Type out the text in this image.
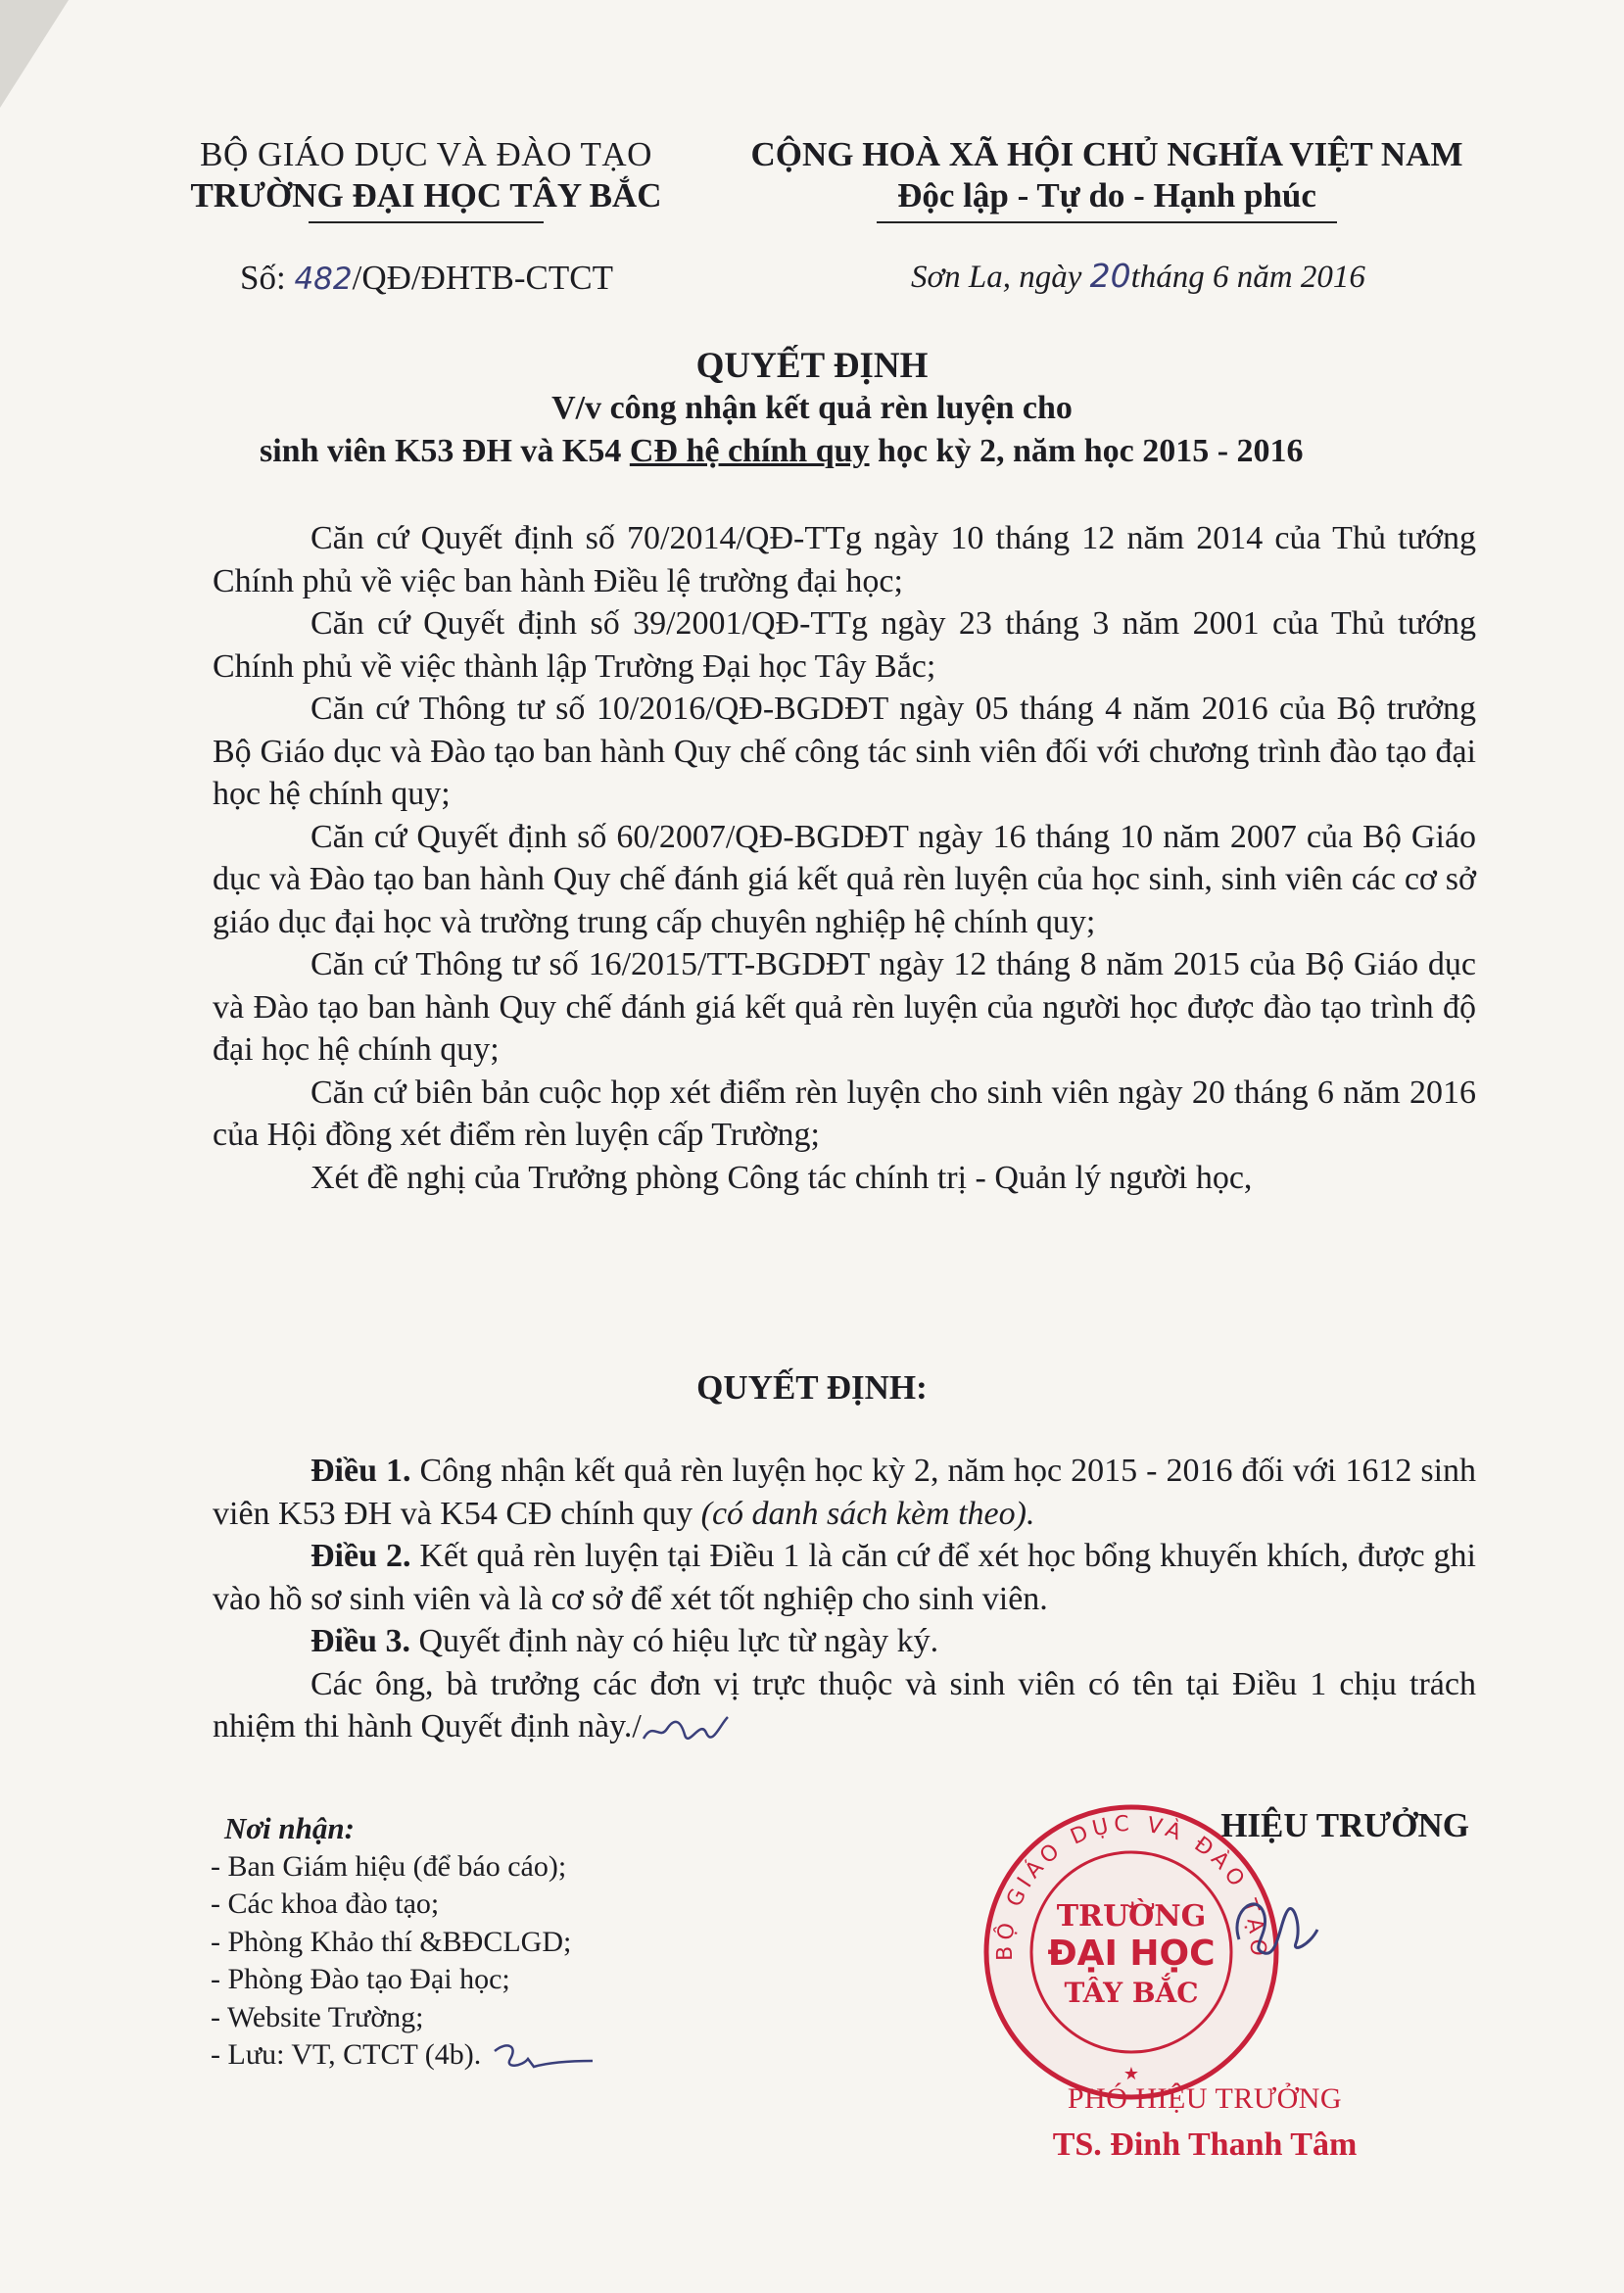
BỘ GIÁO DỤC VÀ ĐÀO TẠO
TRƯỜNG ĐẠI HỌC TÂY BẮC
CỘNG HOÀ XÃ HỘI CHỦ NGHĨA VIỆT NAM
Độc lập - Tự do - Hạnh phúc
Số: 482/QĐ/ĐHTB-CTCT	Sơn La, ngày 20tháng 6 năm 2016
QUYẾT ĐỊNH
V/v công nhận kết quả rèn luyện cho
sinh viên K53 ĐH và K54 CĐ hệ chính quy học kỳ 2, năm học 2015 - 2016

Căn cứ Quyết định số 70/2014/QĐ-TTg ngày 10 tháng 12 năm 2014 của Thủ tướng Chính phủ về việc ban hành Điều lệ trường đại học;

Căn cứ Quyết định số 39/2001/QĐ-TTg ngày 23 tháng 3 năm 2001 của Thủ tướng Chính phủ về việc thành lập Trường Đại học Tây Bắc;

Căn cứ Thông tư số 10/2016/QĐ-BGDĐT ngày 05 tháng 4 năm 2016 của Bộ trưởng Bộ Giáo dục và Đào tạo ban hành Quy chế công tác sinh viên đối với chương trình đào tạo đại học hệ chính quy;

Căn cứ Quyết định số 60/2007/QĐ-BGDĐT ngày 16 tháng 10 năm 2007 của Bộ Giáo dục và Đào tạo ban hành Quy chế đánh giá kết quả rèn luyện của học sinh, sinh viên các cơ sở giáo dục đại học và trường trung cấp chuyên nghiệp hệ chính quy;

Căn cứ Thông tư số 16/2015/TT-BGDĐT ngày 12 tháng 8 năm 2015 của Bộ Giáo dục và Đào tạo ban hành Quy chế đánh giá kết quả rèn luyện của người học được đào tạo trình độ đại học hệ chính quy;

Căn cứ biên bản cuộc họp xét điểm rèn luyện cho sinh viên ngày 20 tháng 6 năm 2016 của Hội đồng xét điểm rèn luyện cấp Trường;

Xét đề nghị của Trưởng phòng Công tác chính trị - Quản lý người học,

QUYẾT ĐỊNH:

Điều 1. Công nhận kết quả rèn luyện học kỳ 2, năm học 2015 - 2016 đối với 1612 sinh viên K53 ĐH và K54 CĐ chính quy (có danh sách kèm theo).

Điều 2. Kết quả rèn luyện tại Điều 1 là căn cứ để xét học bổng khuyến khích, được ghi vào hồ sơ sinh viên và là cơ sở để xét tốt nghiệp cho sinh viên.

Điều 3. Quyết định này có hiệu lực từ ngày ký.

Các ông, bà trưởng các đơn vị trực thuộc và sinh viên có tên tại Điều 1 chịu trách nhiệm thi hành Quyết định này./

Nơi nhận:
- Ban Giám hiệu (để báo cáo);
- Các khoa đào tạo;
- Phòng Khảo thí &BĐCLGD;
- Phòng Đào tạo Đại học;
- Website Trường;
- Lưu: VT, CTCT (4b).
HIỆU TRƯỞNG
BỘ GIÁO DỤC VÀ ĐÀO TẠO
TRƯỜNG
ĐẠI HỌC
TÂY BẮC
★
PHÓ HIỆU TRƯỞNG
TS. Đinh Thanh Tâm
